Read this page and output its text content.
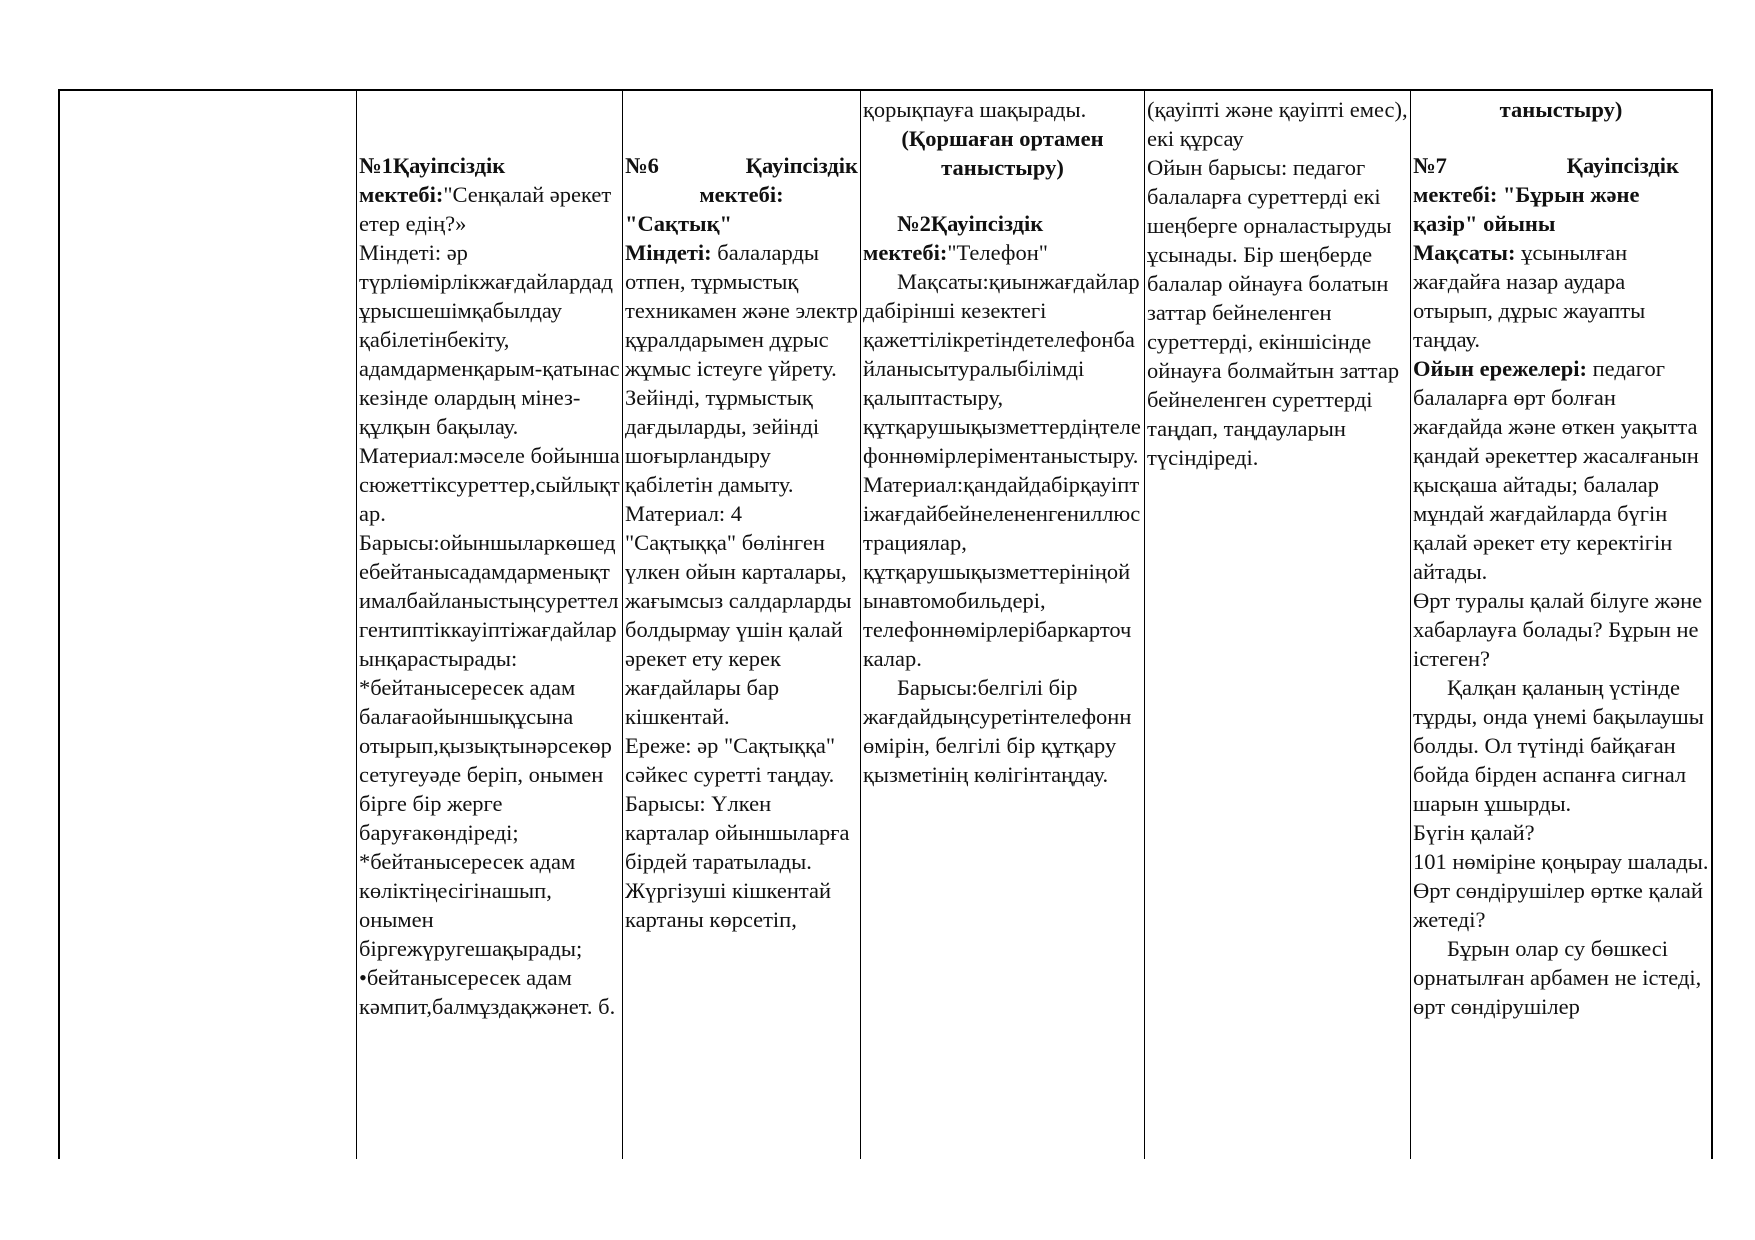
№1Қауіпсіздік мектебі:"Сенқалай әрекет етер едің?»

Міндеті: әр түрліөмірлікжағдайлардадұрысшешімқабылдау қабілетінбекіту, адамдарменқарым-қатынас кезінде олардың мінез-құлқын бақылау.

Материал:мәселе бойынша сюжеттіксуреттер,сыйлықтар.

Барысы:ойыншыларкөшедебейтанысадамдарменықтималбайланыстыңсуреттелгентиптіккауіптіжағдайларынқарастырады:

*бейтанысересек адам балағаойыншықұсына отырып,қызықтынәрсекөрсетугеуәде беріп, онымен бірге бір жерге баруғакөндіреді;

*бейтанысересек адам көліктіңесігінашып, онымен біргежүругешақырады;

•бейтанысересек адам кәмпит,балмұздақжәнет. б.

№6	Қауіпсіздік

мектебі:

"Сақтық"

Міндеті: балаларды отпен, тұрмыстық техникамен және электр құралдарымен дұрыс жұмыс істеуге үйрету. Зейінді, тұрмыстық дағдыларды, зейінді шоғырландыру қабілетін дамыту.

Материал: 4 "Сақтыққа" бөлінген үлкен ойын карталары, жағымсыз салдарларды болдырмау үшін қалай әрекет ету керек жағдайлары бар кішкентай.

Ереже: әр "Сақтыққа" сәйкес суретті таңдау.

Барысы: Үлкен карталар ойыншыларға бірдей таратылады.

Жүргізуші кішкентай картаны көрсетіп,

қорықпауға шақырады.

(Қоршаған ортамен таныстыру)

№2Қауіпсіздік мектебі:"Телефон"

Мақсаты:қиынжағдайлардабірінші кезектегі қажеттілікретіндетелефонбайланысытуралыбілімді қалыптастыру, құтқарушықызметтердіңтелефоннөмірлеріментаныстыру.Материал:қандайдабірқауіптіжағдайбейнелененгениллюстрациялар, құтқарушықызметтерініңойынавтомобильдері, телефоннөмірлерібаркарточкалар.

Барысы:белгілі бір жағдайдыңсуретінтелефоннөмірін, белгілі бір құтқару қызметінің көлігінтаңдау.

(қауіпті және қауіпті емес), екі құрсау

Ойын барысы: педагог балаларға суреттерді екі шеңберге орналастыруды ұсынады. Бір шеңберде балалар ойнауға болатын заттар бейнеленген суреттерді, екіншісінде ойнауға болмайтын заттар бейнеленген суреттерді таңдап, таңдауларын түсіндіреді.

таныстыру)

№7	Қауіпсіздік

мектебі: "Бұрын және қазір" ойыны

Мақсаты: ұсынылған жағдайға назар аудара отырып, дұрыс жауапты таңдау.

Ойын ережелері: педагог балаларға өрт болған жағдайда және өткен уақытта қандай әрекеттер жасалғанын қысқаша айтады; балалар мұндай жағдайларда бүгін қалай әрекет ету керектігін айтады.

Өрт туралы қалай білуге және хабарлауға болады? Бұрын не істеген?

Қалқан қаланың үстінде тұрды, онда үнемі бақылаушы болды. Ол түтінді байқаған бойда бірден аспанға сигнал шарын ұшырды.

Бүгін қалай?

101 нөміріне қоңырау шалады.

Өрт сөндірушілер өртке қалай жетеді?

Бұрын олар су бөшкесі орнатылған арбамен не істеді, өрт сөндірушілер
